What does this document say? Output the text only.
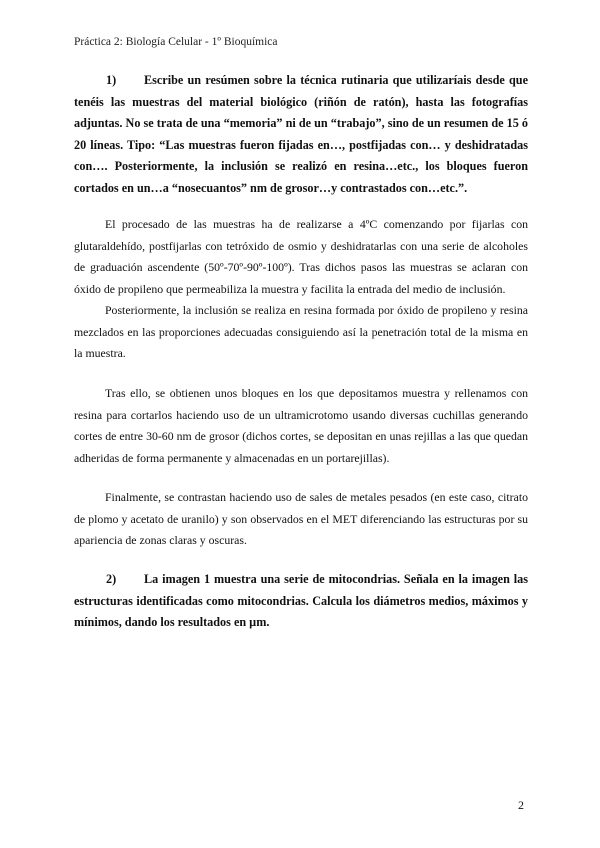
Práctica 2: Biología Celular - 1º Bioquímica
1) Escribe un resúmen sobre la técnica rutinaria que utilizaríais desde que tenéis las muestras del material biológico (riñón de ratón), hasta las fotografías adjuntas. No se trata de una “memoria” ni de un “trabajo”, sino de un resumen de 15 ó 20 líneas. Tipo: “Las muestras fueron fijadas en…, postfijadas con… y deshidratadas con…. Posteriormente, la inclusión se realizó en resina…etc., los bloques fueron cortados en un…a “nosecuantos” nm de grosor…y contrastados con…etc.”.
El procesado de las muestras ha de realizarse a 4ºC comenzando por fijarlas con glutaraldehído, postfijarlas con tetróxido de osmio y deshidratarlas con una serie de alcoholes de graduación ascendente (50º-70º-90º-100º). Tras dichos pasos las muestras se aclaran con óxido de propileno que permeabiliza la muestra y facilita la entrada del medio de inclusión.
Posteriormente, la inclusión se realiza en resina formada por óxido de propileno y resina mezclados en las proporciones adecuadas consiguiendo así la penetración total de la misma en la muestra.
Tras ello, se obtienen unos bloques en los que depositamos muestra y rellenamos con resina para cortarlos haciendo uso de un ultramicrotomo usando diversas cuchillas generando cortes de entre 30-60 nm de grosor (dichos cortes, se depositan en unas rejillas a las que quedan adheridas de forma permanente y almacenadas en un portarejillas).
Finalmente, se contrastan haciendo uso de sales de metales pesados (en este caso, citrato de plomo y acetato de uranilo) y son observados en el MET diferenciando las estructuras por su apariencia de zonas claras y oscuras.
2) La imagen 1 muestra una serie de mitocondrias. Señala en la imagen las estructuras identificadas como mitocondrias. Calcula los diámetros medios, máximos y mínimos, dando los resultados en µm.
2
